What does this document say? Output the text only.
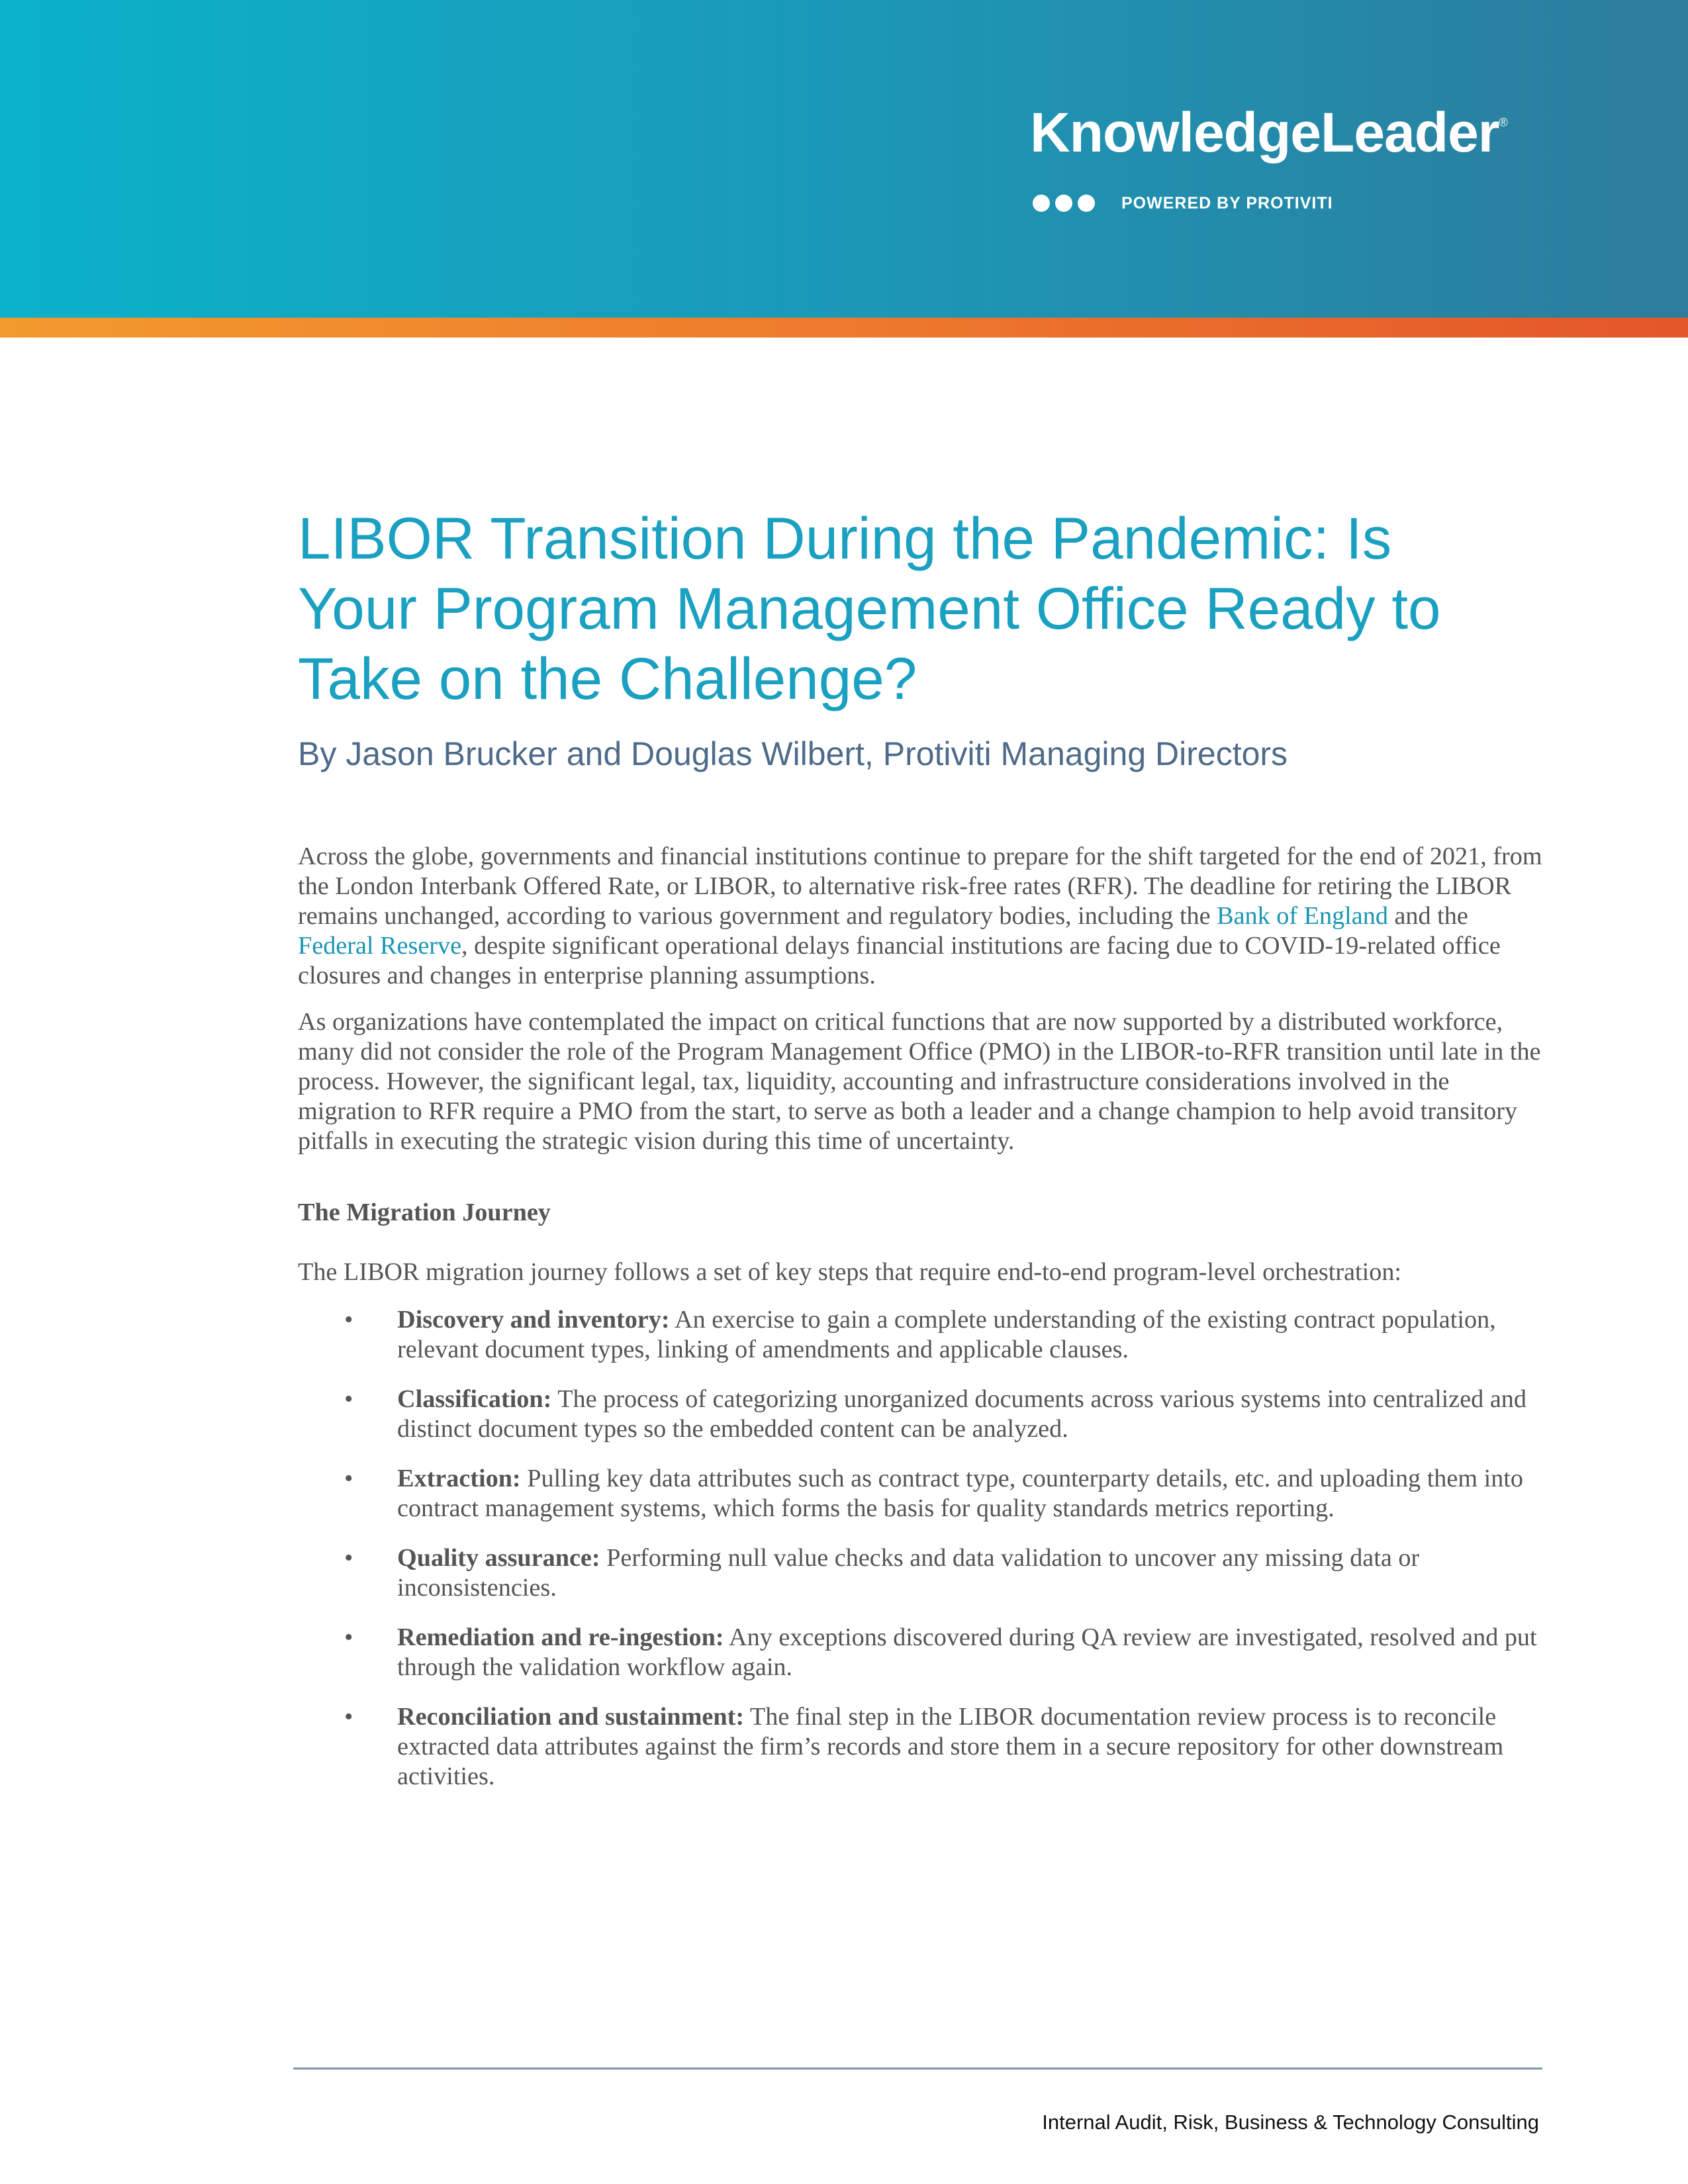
KnowledgeLeader®
POWERED BY PROTIVITI
LIBOR Transition During the Pandemic: Is Your Program Management Office Ready to Take on the Challenge?
By Jason Brucker and Douglas Wilbert, Protiviti Managing Directors

Across the globe, governments and financial institutions continue to prepare for the shift targeted for the end of 2021, from the London Interbank Offered Rate, or LIBOR, to alternative risk-free rates (RFR). The deadline for retiring the LIBOR remains unchanged, according to various government and regulatory bodies, including the Bank of England and the Federal Reserve, despite significant operational delays financial institutions are facing due to COVID-19-related office closures and changes in enterprise planning assumptions.

As organizations have contemplated the impact on critical functions that are now supported by a distributed workforce, many did not consider the role of the Program Management Office (PMO) in the LIBOR-to-RFR transition until late in the process. However, the significant legal, tax, liquidity, accounting and infrastructure considerations involved in the migration to RFR require a PMO from the start, to serve as both a leader and a change champion to help avoid transitory pitfalls in executing the strategic vision during this time of uncertainty.

The Migration Journey

The LIBOR migration journey follows a set of key steps that require end-to-end program-level orchestration:

• Discovery and inventory: An exercise to gain a complete understanding of the existing contract population, relevant document types, linking of amendments and applicable clauses.
• Classification: The process of categorizing unorganized documents across various systems into centralized and distinct document types so the embedded content can be analyzed.
• Extraction: Pulling key data attributes such as contract type, counterparty details, etc. and uploading them into contract management systems, which forms the basis for quality standards metrics reporting.
• Quality assurance: Performing null value checks and data validation to uncover any missing data or inconsistencies.
• Remediation and re-ingestion: Any exceptions discovered during QA review are investigated, resolved and put through the validation workflow again.
• Reconciliation and sustainment: The final step in the LIBOR documentation review process is to reconcile extracted data attributes against the firm’s records and store them in a secure repository for other downstream activities.
Internal Audit, Risk, Business & Technology Consulting
